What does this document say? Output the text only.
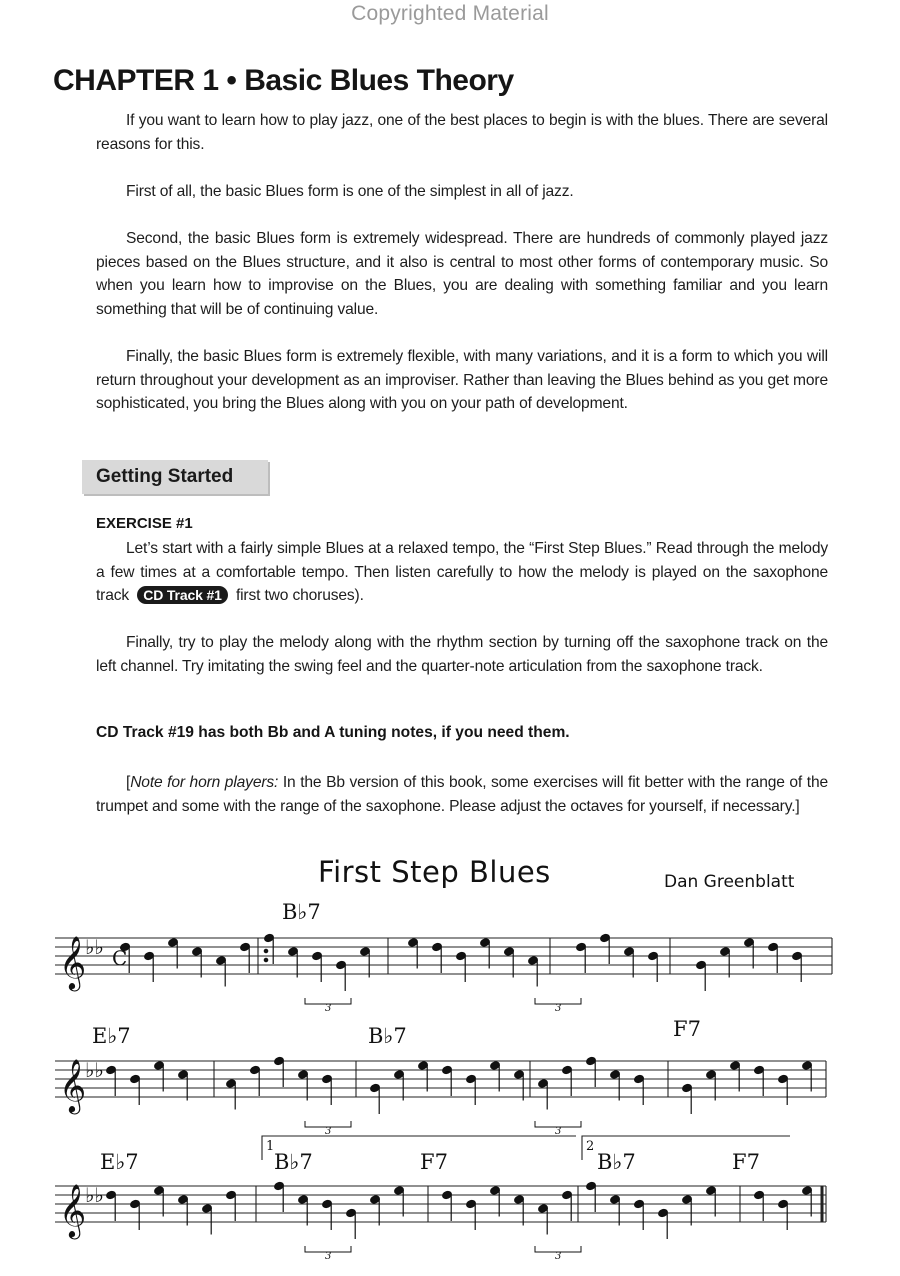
Copyrighted Material
CHAPTER 1 • Basic Blues Theory
If you want to learn how to play jazz, one of the best places to begin is with the blues. There are several reasons for this.
First of all, the basic Blues form is one of the simplest in all of jazz.
Second, the basic Blues form is extremely widespread. There are hundreds of commonly played jazz pieces based on the Blues structure, and it also is central to most other forms of contemporary music. So when you learn how to improvise on the Blues, you are dealing with something familiar and you learn something that will be of continuing value.
Finally, the basic Blues form is extremely flexible, with many variations, and it is a form to which you will return throughout your development as an improviser. Rather than leaving the Blues behind as you get more sophisticated, you bring the Blues along with you on your path of development.
Getting Started
EXERCISE #1
Let’s start with a fairly simple Blues at a relaxed tempo, the “First Step Blues.” Read through the melody a few times at a comfortable tempo. Then listen carefully to how the melody is played on the saxophone track CD Track #1 first two choruses).
Finally, try to play the melody along with the rhythm section by turning off the saxophone track on the left channel. Try imitating the swing feel and the quarter-note articulation from the saxophone track.
CD Track #19 has both Bb and A tuning notes, if you need them.
[Note for horn players: In the Bb version of this book, some exercises will fit better with the range of the trumpet and some with the range of the saxophone. Please adjust the octaves for yourself, if necessary.]
First Step Blues	Dan Greenblatt
B♭7
E♭7	B♭7	F7
E♭7	B♭7	F7	B♭7	F7
𝄞
♭♭
3	3
𝄞
♭♭
3	3
𝄞
♭♭
3	3
C
1	2
